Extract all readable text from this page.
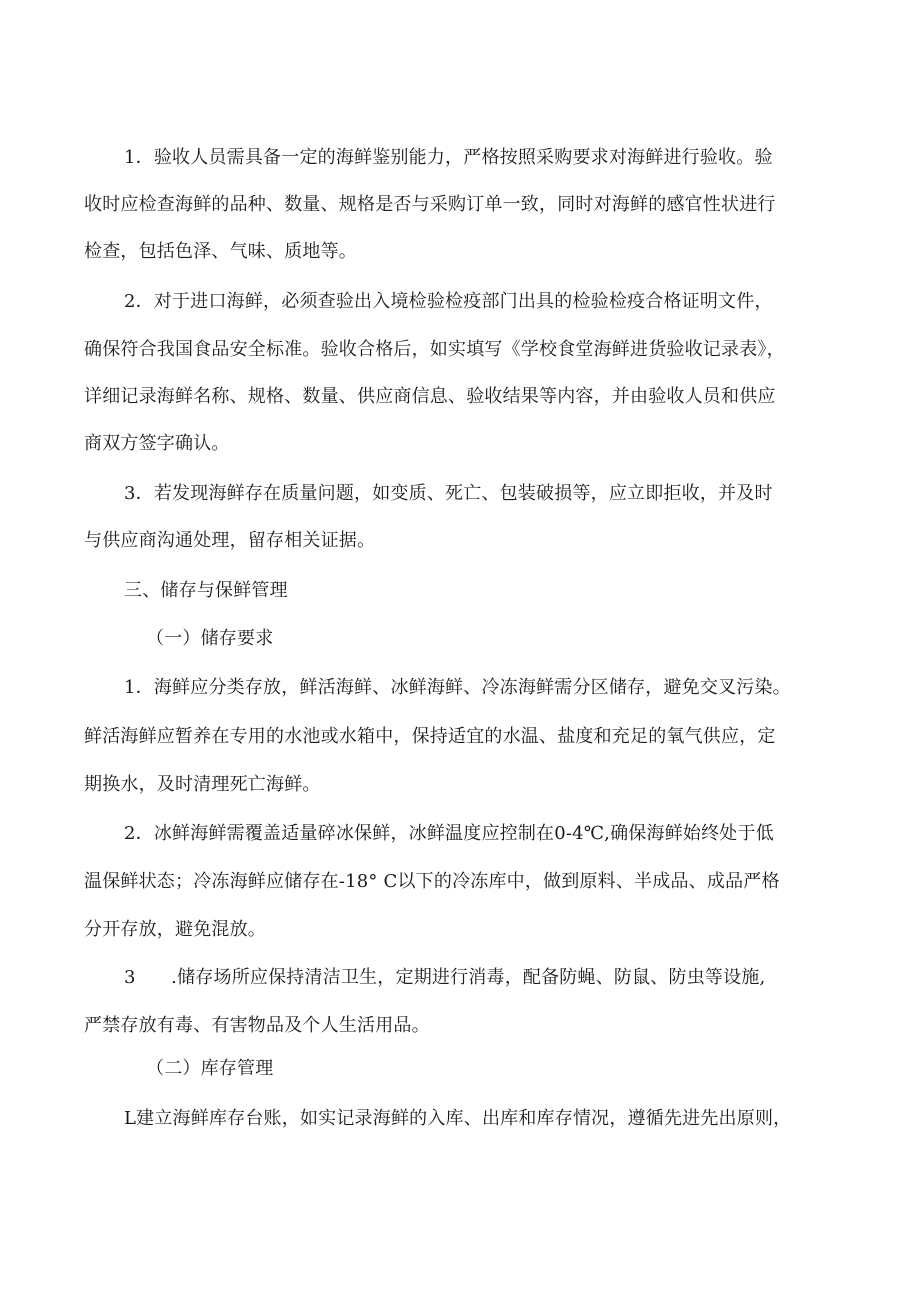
1．验收人员需具备一定的海鲜鉴别能力，严格按照采购要求对海鲜进行验收。验
收时应检查海鲜的品种、数量、规格是否与采购订单一致，同时对海鲜的感官性状进行
检查，包括色泽、气味、质地等。
2．对于进口海鲜，必须查验出入境检验检疫部门出具的检验检疫合格证明文件，
确保符合我国食品安全标准。验收合格后，如实填写《学校食堂海鲜进货验收记录表》，
详细记录海鲜名称、规格、数量、供应商信息、验收结果等内容，并由验收人员和供应
商双方签字确认。
3．若发现海鲜存在质量问题，如变质、死亡、包装破损等，应立即拒收，并及时
与供应商沟通处理，留存相关证据。
三、储存与保鲜管理
（一）储存要求
1．海鲜应分类存放，鲜活海鲜、冰鲜海鲜、冷冻海鲜需分区储存，避免交叉污染。
鲜活海鲜应暂养在专用的水池或水箱中，保持适宜的水温、盐度和充足的氧气供应，定
期换水，及时清理死亡海鲜。
2．冰鲜海鲜需覆盖适量碎冰保鲜，冰鲜温度应控制在0-4℃,确保海鲜始终处于低
温保鲜状态；冷冻海鲜应储存在-18° C以下的冷冻库中，做到原料、半成品、成品严格
分开存放，避免混放。
3      .储存场所应保持清洁卫生，定期进行消毒，配备防蝇、防鼠、防虫等设施,
严禁存放有毒、有害物品及个人生活用品。
（二）库存管理
L建立海鲜库存台账，如实记录海鲜的入库、出库和库存情况，遵循先进先出原则，
